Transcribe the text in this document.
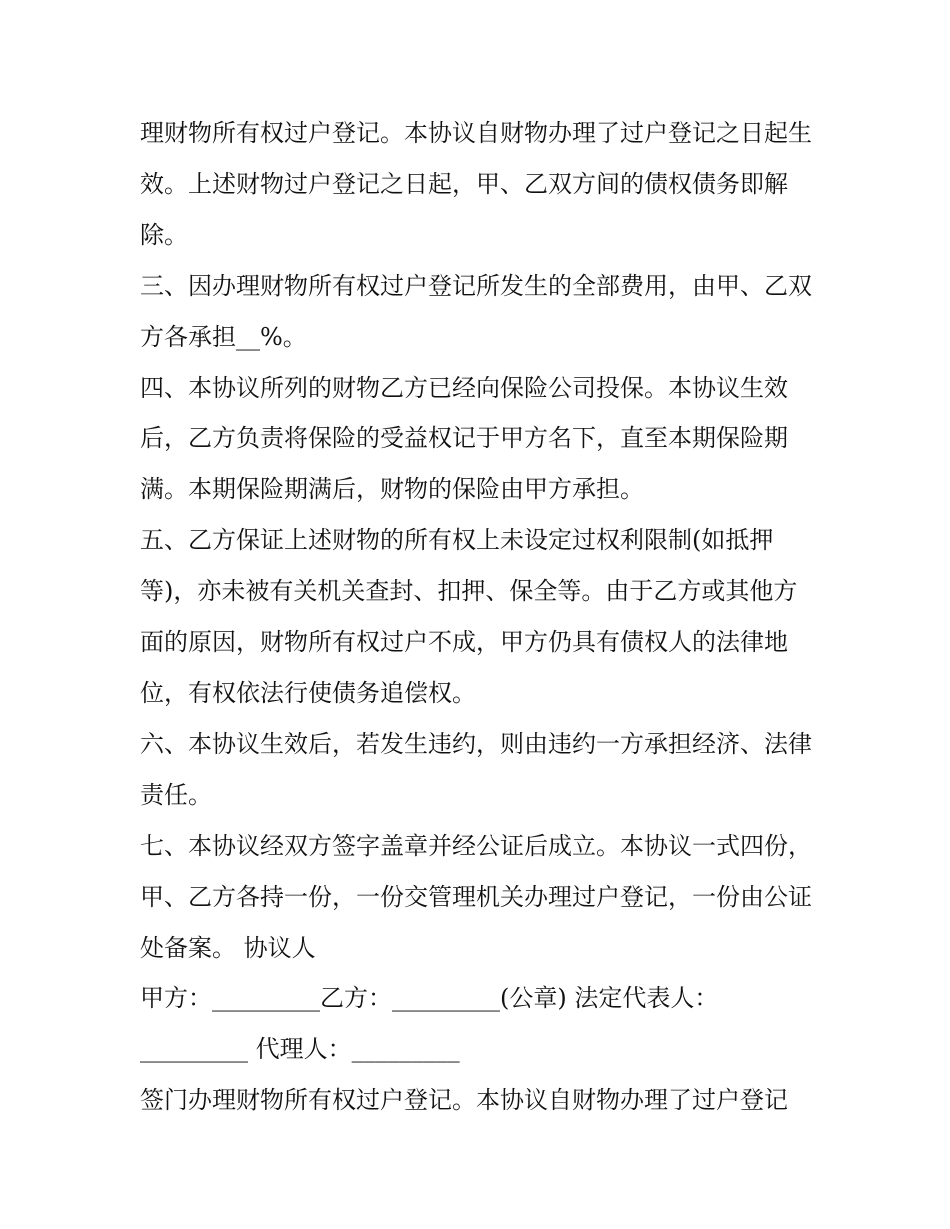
理财物所有权过户登记。本协议自财物办理了过户登记之日起生效。上述财物过户登记之日起，甲、乙双方间的债权债务即解除。

三、因办理财物所有权过户登记所发生的全部费用，由甲、乙双方各承担__%。

四、本协议所列的财物乙方已经向保险公司投保。本协议生效后，乙方负责将保险的受益权记于甲方名下，直至本期保险期满。本期保险期满后，财物的保险由甲方承担。

五、乙方保证上述财物的所有权上未设定过权利限制(如抵押等)，亦未被有关机关查封、扣押、保全等。由于乙方或其他方面的原因，财物所有权过户不成，甲方仍具有债权人的法律地位，有权依法行使债务追偿权。

六、本协议生效后，若发生违约，则由违约一方承担经济、法律责任。

七、本协议经双方签字盖章并经公证后成立。本协议一式四份，甲、乙方各持一份，一份交管理机关办理过户登记，一份由公证处备案。 协议人

甲方：_________乙方：_________(公章) 法定代表人：_________ 代理人：_________

签门办理财物所有权过户登记。本协议自财物办理了过户登记
